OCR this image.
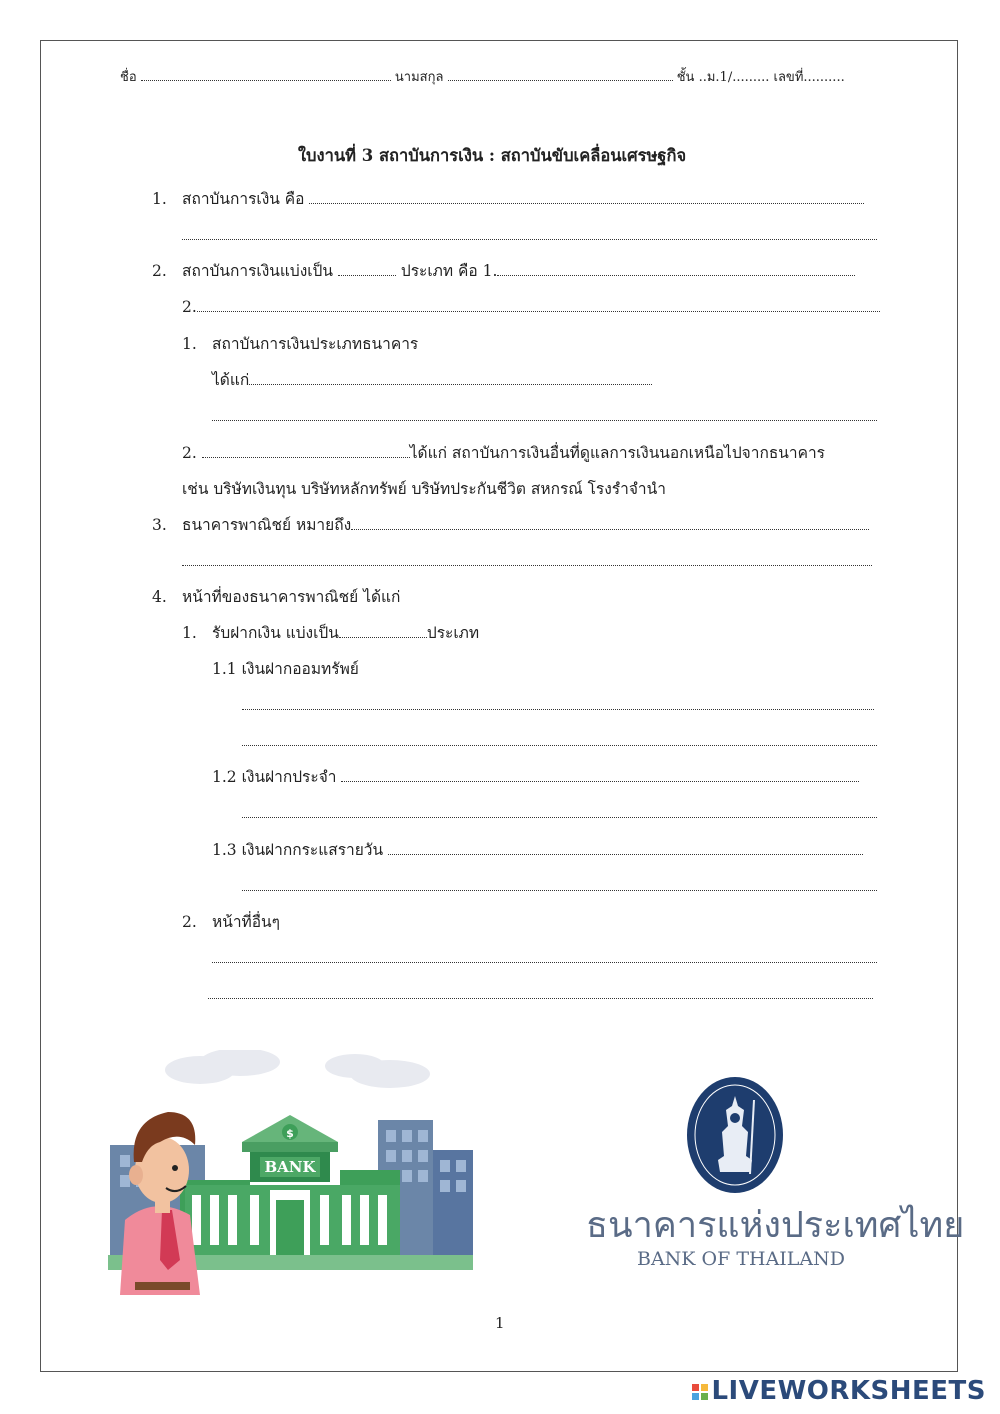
ชื่อ	นามสกุล	ชั้น ..ม.1/......... เลขที่..........
ใบงานที่ 3 สถาบันการเงิน : สถาบันขับเคลื่อนเศรษฐกิจ
1. สถาบันการเงิน คือ
2. สถาบันการเงินแบ่งเป็น	ประเภท คือ 1.
2.
1. สถาบันการเงินประเภทธนาคาร
ได้แก่
2.	ได้แก่ สถาบันการเงินอื่นที่ดูแลการเงินนอกเหนือไปจากธนาคาร
เช่น บริษัทเงินทุน บริษัทหลักทรัพย์ บริษัทประกันชีวิต สหกรณ์ โรงรำจำนำ
3. ธนาคารพาณิชย์ หมายถึง
4. หน้าที่ของธนาคารพาณิชย์ ได้แก่
1. รับฝากเงิน แบ่งเป็น	ประเภท
1.1 เงินฝากออมทรัพย์
1.2 เงินฝากประจำ
1.3 เงินฝากกระแสรายวัน
2. หน้าที่อื่นๆ
BANK
$
ธนาคารแห่งประเทศไทย
BANK OF THAILAND
1
LIVEWORKSHEETS
